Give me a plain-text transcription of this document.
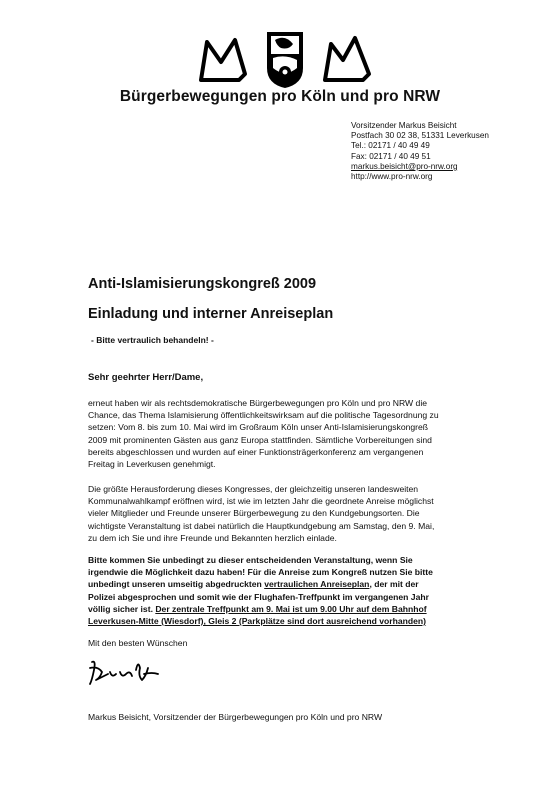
Bürgerbewegungen pro Köln und pro NRW
Vorsitzender Markus Beisicht
Postfach 30 02 38, 51331 Leverkusen
Tel.: 02171 / 40 49 49
Fax: 02171 / 40 49 51
markus.beisicht@pro-nrw.org
http://www.pro-nrw.org
Anti-Islamisierungskongreß 2009
Einladung und interner Anreiseplan
- Bitte vertraulich behandeln! -
Sehr geehrter Herr/Dame,
erneut haben wir als rechtsdemokratische Bürgerbewegungen pro Köln und pro NRW die
Chance, das Thema Islamisierung öffentlichkeitswirksam auf die politische Tagesordnung zu
setzen: Vom 8. bis zum 10. Mai wird im Großraum Köln unser Anti-Islamisierungskongreß
2009 mit prominenten Gästen aus ganz Europa stattfinden. Sämtliche Vorbereitungen sind
bereits abgeschlossen und wurden auf einer Funktionsträgerkonferenz am vergangenen
Freitag in Leverkusen genehmigt.
Die größte Herausforderung dieses Kongresses, der gleichzeitig unseren landesweiten
Kommunalwahlkampf eröffnen wird, ist wie im letzten Jahr die geordnete Anreise möglichst
vieler Mitglieder und Freunde unserer Bürgerbewegung zu den Kundgebungsorten. Die
wichtigste Veranstaltung ist dabei natürlich die Hauptkundgebung am Samstag, den 9. Mai,
zu dem ich Sie und ihre Freunde und Bekannten herzlich einlade.
Bitte kommen Sie unbedingt zu dieser entscheidenden Veranstaltung, wenn Sie
irgendwie die Möglichkeit dazu haben! Für die Anreise zum Kongreß nutzen Sie bitte
unbedingt unseren umseitig abgedruckten vertraulichen Anreiseplan, der mit der
Polizei abgesprochen und somit wie der Flughafen-Treffpunkt im vergangenen Jahr
völlig sicher ist. Der zentrale Treffpunkt am 9. Mai ist um 9.00 Uhr auf dem Bahnhof
Leverkusen-Mitte (Wiesdorf), Gleis 2 (Parkplätze sind dort ausreichend vorhanden)
Mit den besten Wünschen
Markus Beisicht, Vorsitzender der Bürgerbewegungen pro Köln und pro NRW
